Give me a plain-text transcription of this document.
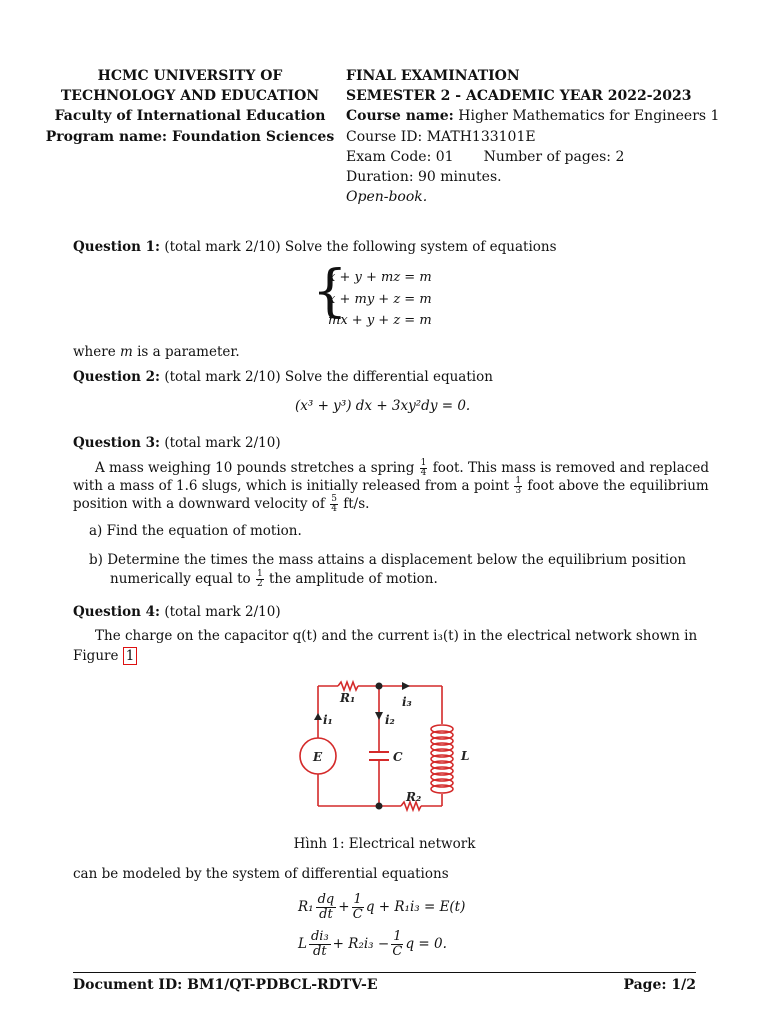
HCMC UNIVERSITY OF
TECHNOLOGY AND EDUCATION
Faculty of International Education
Program name: Foundation Sciences
FINAL EXAMINATION
SEMESTER 2 - ACADEMIC YEAR 2022-2023
Course name: Higher Mathematics for Engineers 1
Course ID: MATH133101E
Exam Code: 01 Number of pages: 2
Duration: 90 minutes.
Open-book.
Question 1: (total mark 2/10) Solve the following system of equations
{
x + y + mz = m
x + my + z = m
mx + y + z = m
where m is a parameter.
Question 2: (total mark 2/10) Solve the differential equation
(x³ + y³) dx + 3xy²dy = 0.
Question 3: (total mark 2/10)
A mass weighing 10 pounds stretches a spring $\frac{1}{4}$ foot. This mass is removed and replaced
with a mass of 1.6 slugs, which is initially released from a point $\frac{1}{3}$ foot above the equilibrium
position with a downward velocity of $\frac{5}{4} ft/s$.
a) Find the equation of motion.
b) Determine the times the mass attains a displacement below the equilibrium position
numerically equal to $\frac{1}{2}$ the amplitude of motion.
Question 4: (total mark 2/10)
The charge on the capacitor q(t) and the current i₃(t) in the electrical network shown in
Figure 1
R₁
R₂
C	L
E
i₁	i₂
i₃
Hình 1: Electrical network
can be modeled by the system of differential equations
$R_1 \frac{dq}{dt} + \frac{1}{C}$ q + R₁i₃ = E(t)
L $\frac{\text{di₃}}{dt} + R_2i_3 - \frac{1}{C}$ q = 0.
Document ID: BM1/QT-PDBCL-RDTV-E	Page: 1/2
